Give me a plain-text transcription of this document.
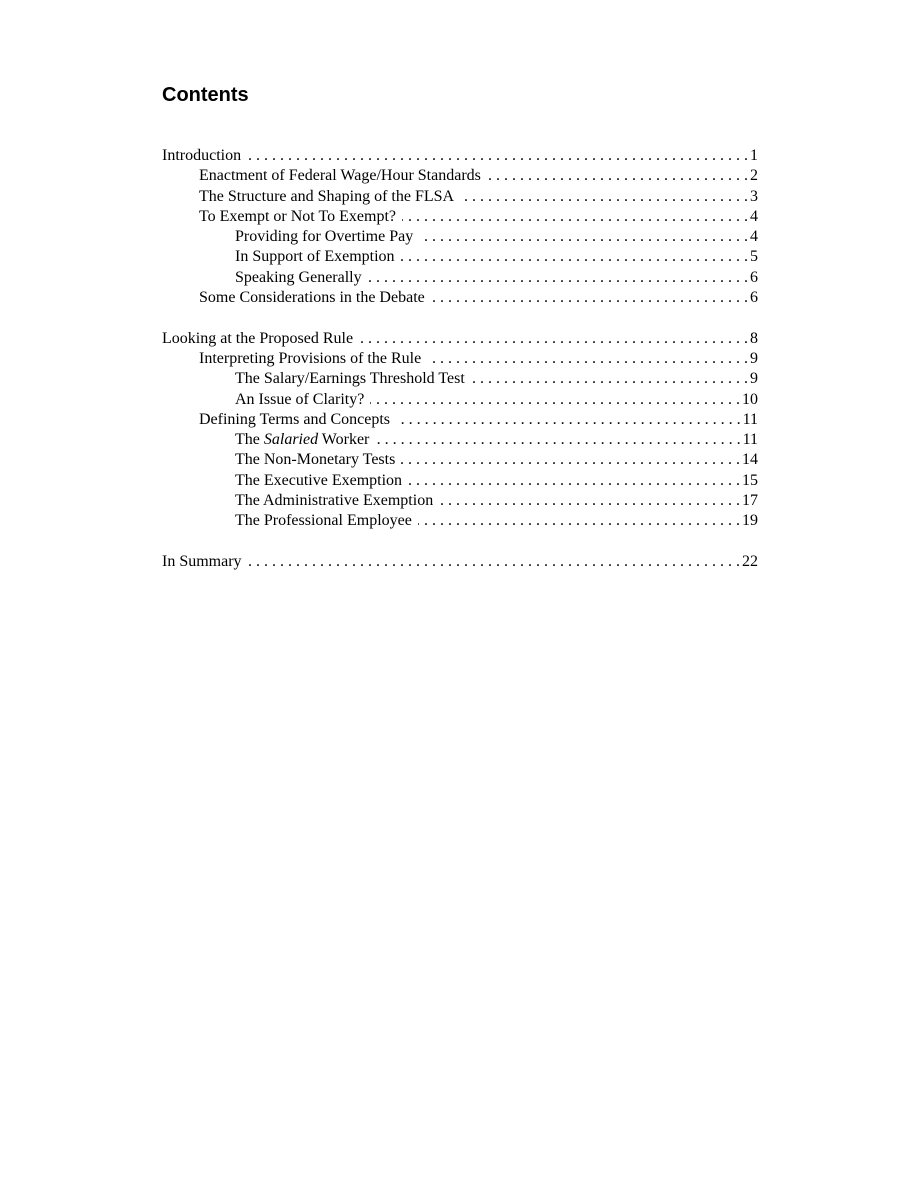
Contents
Introduction . . .	1
Enactment of Federal Wage/Hour Standards . . .	2
The Structure and Shaping of the FLSA . . .	3
To Exempt or Not To Exempt? . . .	4
Providing for Overtime Pay . . .	4
In Support of Exemption . . .	5
Speaking Generally . . .	6
Some Considerations in the Debate . . .	6
Looking at the Proposed Rule . . .	8
Interpreting Provisions of the Rule . . .	9
The Salary/Earnings Threshold Test . . .	9
An Issue of Clarity? . . .	10
Defining Terms and Concepts . . .	11
The Salaried Worker . . .	11
The Non-Monetary Tests . . .	14
The Executive Exemption . . .	15
The Administrative Exemption . . .	17
The Professional Employee . . .	19
In Summary . . .	22
